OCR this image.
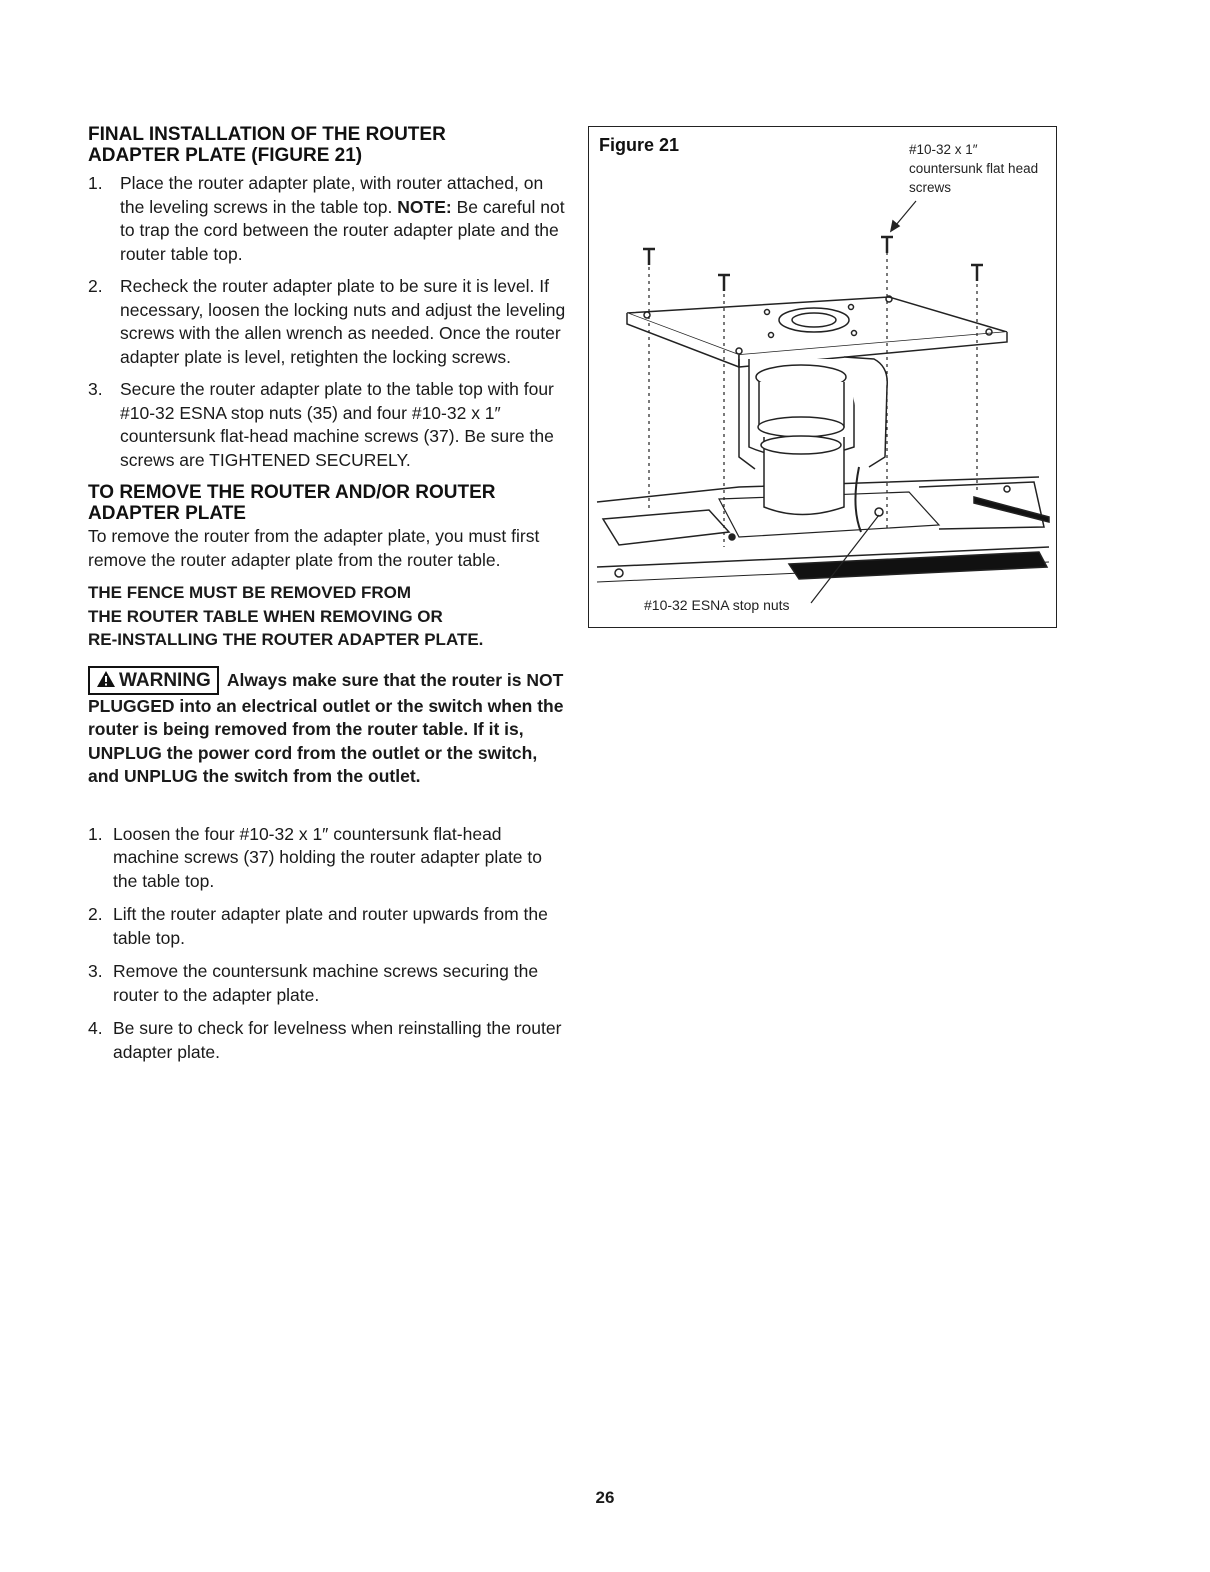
FINAL INSTALLATION OF THE ROUTER
ADAPTER PLATE (FIGURE 21)

1. Place the router adapter plate, with router attached, on the leveling screws in the table top. NOTE: Be careful not to trap the cord between the router adapter plate and the router table top.
2. Recheck the router adapter plate to be sure it is level. If necessary, loosen the locking nuts and adjust the leveling screws with the allen wrench as needed. Once the router adapter plate is level, retighten the locking screws.
3. Secure the router adapter plate to the table top with four #10-32 ESNA stop nuts (35) and four #10-32 x 1″ countersunk flat-head machine screws (37). Be sure the screws are TIGHTENED SECURELY.

TO REMOVE THE ROUTER AND/OR ROUTER
ADAPTER PLATE

To remove the router from the adapter plate, you must first remove the router adapter plate from the router table.

THE FENCE MUST BE REMOVED FROM
THE ROUTER TABLE WHEN REMOVING OR
RE-INSTALLING THE ROUTER ADAPTER PLATE.

WARNING Always make sure that the router is NOT PLUGGED into an electrical outlet or the switch when the router is being removed from the router table. If it is, UNPLUG the power cord from the outlet or the switch, and UNPLUG the switch from the outlet.

1. Loosen the four #10-32 x 1″ countersunk flat-head machine screws (37) holding the router adapter plate to the table top.
2. Lift the router adapter plate and router upwards from the table top.
3. Remove the countersunk machine screws securing the router to the adapter plate.
4. Be sure to check for levelness when reinstalling the router adapter plate.
Figure 21	#10-32 x 1″ countersunk flat head screws
#10-32 ESNA stop nuts
26
